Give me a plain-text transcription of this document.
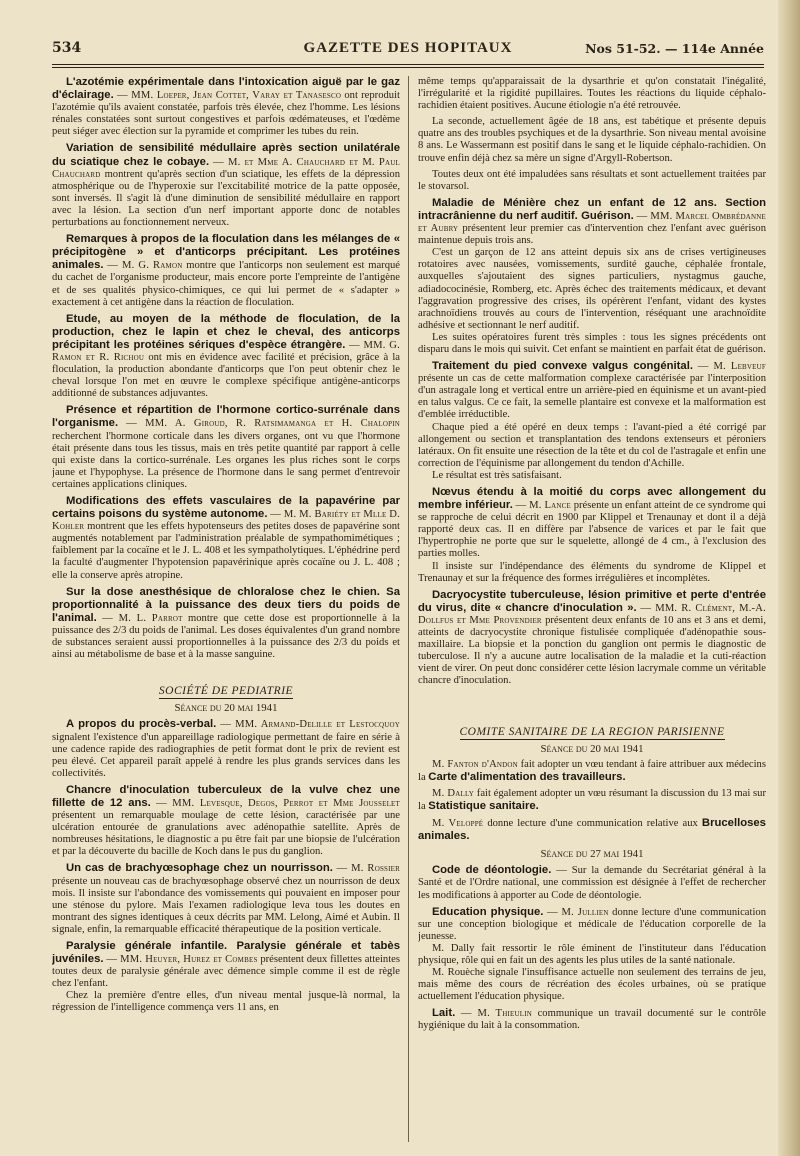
534	GAZETTE DES HOPITAUX	Nos 51-52. — 114e Année

L'azotémie expérimentale dans l'intoxication aiguë par le gaz d'éclairage. — MM. Loeper, Jean Cottet, Varay et Tanasesco ont reproduit l'azotémie qu'ils avaient constatée, parfois très élevée, chez l'homme. Les lésions rénales constatées sont surtout congestives et parfois œdémateuses, et l'œdème peut siéger avec élection sur la pyramide et comprimer les tubes du rein.

Variation de sensibilité médullaire après section unilatérale du sciatique chez le cobaye. — M. et Mme A. Chauchard et M. Paul Chauchard montrent qu'après section d'un sciatique, les effets de la dépression atmosphérique ou de l'hyperoxie sur l'excitabilité motrice de la patte opposée, sont inversés. Il s'agit là d'une diminution de sensibilité médullaire en rapport avec la lésion. La section d'un nerf important apporte donc de notables perturbations au fonctionnement nerveux.

Remarques à propos de la floculation dans les mélanges de « précipitogène » et d'anticorps précipitant. Les protéines animales. — M. G. Ramon montre que l'anticorps non seulement est marqué du cachet de l'organisme producteur, mais encore porte l'empreinte de l'antigène et de ses qualités physico-chimiques, ce qui lui permet de « s'adapter » exactement à cet antigène dans la réaction de floculation.

Etude, au moyen de la méthode de floculation, de la production, chez le lapin et chez le cheval, des anticorps précipitant les protéines sériques d'espèce étrangère. — MM. G. Ramon et R. Richou ont mis en évidence avec facilité et précision, grâce à la floculation, la production abondante d'anticorps que l'on peut obtenir chez le cheval lorsque l'on met en œuvre le complexe spécifique antigène-anticorps additionné de substances adjuvantes.

Présence et répartition de l'hormone cortico-surrénale dans l'organisme. — MM. A. Giroud, R. Ratsimamanga et H. Chalopin recherchent l'hormone corticale dans les divers organes, ont vu que l'hormone était présente dans tous les tissus, mais en très petite quantité par rapport à celle qui existe dans la cortico-surrénale. Les organes les plus riches sont le corps jaune et l'hypophyse. La présence de l'hormone dans le sang permet d'entrevoir certaines applications cliniques.

Modifications des effets vasculaires de la papavérine par certains poisons du système autonome. — M. M. Bariéty et Mlle D. Kohler montrent que les effets hypotenseurs des petites doses de papavérine sont augmentés notablement par l'administration préalable de sympathomimétiques ; faiblement par la cocaïne et le J. L. 408 et les sympatholytiques. L'éphédrine perd la faculté d'augmenter l'hypotension papavérinique après cocaïne ou J. L. 408 ; elle la conserve après atropine.

Sur la dose anesthésique de chloralose chez le chien. Sa proportionnalité à la puissance des deux tiers du poids de l'animal. — M. L. Parrot montre que cette dose est proportionnelle à la puissance des 2/3 du poids de l'animal. Les doses équivalentes d'un grand nombre de substances seraient aussi proportionnelles à la puissance des 2/3 du poids et ainsi au métabolisme de base et à la masse sanguine.

SOCIÉTÉ DE PEDIATRIE

Séance du 20 mai 1941

A propos du procès-verbal. — MM. Armand-Delille et Lestocquoy signalent l'existence d'un appareillage radiologique permettant de faire en série à une cadence rapide des radiographies de petit format dont le prix de revient est peu élevé. Cet appareil paraît appelé à rendre les plus grands services dans les collectivités.

Chancre d'inoculation tuberculeux de la vulve chez une fillette de 12 ans. — MM. Levesque, Degos, Perrot et Mme Jousselet présentent un remarquable moulage de cette lésion, caractérisée par une ulcération entourée de granulations avec adénopathie satellite. Après de nombreuses hésitations, le diagnostic a pu être fait par une biopsie de l'ulcération et par la découverte du bacille de Koch dans le pus du ganglion.

Un cas de brachyœsophage chez un nourrisson. — M. Rossier présente un nouveau cas de brachyœsophage observé chez un nourrisson de deux mois. Il insiste sur l'abondance des vomissements qui pouvaient en imposer pour une sténose du pylore. Mais l'examen radiologique leva tous les doutes en montrant des signes identiques à ceux décrits par MM. Lelong, Aimé et Aubin. Il signale, enfin, la remarquable efficacité thérapeutique de la position verticale.

Paralysie générale infantile. Paralysie générale et tabès juvéniles. — MM. Heuyer, Hurez et Combes présentent deux fillettes atteintes toutes deux de paralysie générale avec démence simple comme il est de règle chez l'enfant.

Chez la première d'entre elles, d'un niveau mental jusque-là normal, la régression de l'intelligence commença vers 11 ans, en

même temps qu'apparaissait de la dysarthrie et qu'on constatait l'inégalité, l'irrégularité et la rigidité pupillaires. Toutes les réactions du liquide céphalo-rachidien étaient positives. Aucune étiologie n'a été retrouvée.

La seconde, actuellement âgée de 18 ans, est tabétique et présente depuis quatre ans des troubles psychiques et de la dysarthrie. Son niveau mental avoisine 8 ans. Le Wassermann est positif dans le sang et le liquide céphalo-rachidien. On trouve enfin déjà chez sa mère un signe d'Argyll-Robertson.

Toutes deux ont été impaludées sans résultats et sont actuellement traitées par le stovarsol.

Maladie de Ménière chez un enfant de 12 ans. Section intracrânienne du nerf auditif. Guérison. — MM. Marcel Ombrédanne et Aubry présentent leur premier cas d'intervention chez l'enfant avec guérison maintenue depuis trois ans.

C'est un garçon de 12 ans atteint depuis six ans de crises vertigineuses rotatoires avec nausées, vomissements, surdité gauche, céphalée frontale, auxquelles s'ajoutaient des signes particuliers, nystagmus gauche, adiadococinésie, Romberg, etc. Après échec des traitements médicaux, et devant l'aggravation progressive des crises, ils opérèrent l'enfant, vidant des kystes arachnoïdiens trouvés au cours de l'intervention, réséquant une arachnoïdite adhésive et sectionnant le nerf auditif.

Les suites opératoires furent très simples : tous les signes précédents ont disparu dans le mois qui suivit. Cet enfant se maintient en parfait état de guérison.

Traitement du pied convexe valgus congénital. — M. Lebveuf présente un cas de cette malformation complexe caractérisée par l'interposition d'un astragale long et vertical entre un arrière-pied en équinisme et un avant-pied en talus valgus. Ce ce fait, la semelle plantaire est convexe et la malformation est d'emblée irréductible.

Chaque pied a été opéré en deux temps : l'avant-pied a été corrigé par allongement ou section et transplantation des tendons extenseurs et péroniers latéraux. On fit ensuite une résection de la tête et du col de l'astragale et enfin une correction de l'équinisme par allongement du tendon d'Achille.

Le résultat est très satisfaisant.

Nœvus étendu à la moitié du corps avec allongement du membre inférieur. — M. Lance présente un enfant atteint de ce syndrome qui se rapproche de celui décrit en 1900 par Klippel et Trenaunay et dont il a déjà rapporté deux cas. Il en diffère par l'absence de varices et par le fait que l'hypertrophie ne porte que sur le squelette, allongé de 4 cm., à l'exclusion des parties molles.

Il insiste sur l'indépendance des éléments du syndrome de Klippel et Trenaunay et sur la fréquence des formes irrégulières et incomplètes.

Dacryocystite tuberculeuse, lésion primitive et perte d'entrée du virus, dite « chancre d'inoculation ». — MM. R. Clément, M.-A. Dollfus et Mme Provendier présentent deux enfants de 10 ans et 3 ans et demi, atteints de dacryocystite chronique fistulisée compliquée d'adénopathie sous-maxillaire. La biopsie et la ponction du ganglion ont permis le diagnostic de tuberculose. Il n'y a aucune autre localisation de la maladie et la cuti-réaction vient de virer. On peut donc considérer cette lésion lacrymale comme un véritable chancre d'inoculation.

COMITE SANITAIRE DE LA REGION PARISIENNE

Séance du 20 mai 1941

M. Fanton d'Andon fait adopter un vœu tendant à faire attribuer aux médecins la Carte d'alimentation des travailleurs.

M. Dally fait également adopter un vœu résumant la discussion du 13 mai sur la Statistique sanitaire.

M. Veloppé donne lecture d'une communication relative aux Brucelloses animales.

Séance du 27 mai 1941

Code de déontologie. — Sur la demande du Secrétariat général à la Santé et de l'Ordre national, une commission est désignée à l'effet de rechercher les modifications à apporter au Code de déontologie.

Education physique. — M. Jullien donne lecture d'une communication sur une conception biologique et médicale de l'éducation corporelle de la jeunesse.

M. Dally fait ressortir le rôle éminent de l'instituteur dans l'éducation physique, rôle qui en fait un des agents les plus utiles de la santé nationale.

M. Rouèche signale l'insuffisance actuelle non seulement des terrains de jeu, mais même des cours de récréation des écoles urbaines, où se pratique actuellement l'éducation physique.

Lait. — M. Thieulin communique un travail documenté sur le contrôle hygiénique du lait à la consommation.
